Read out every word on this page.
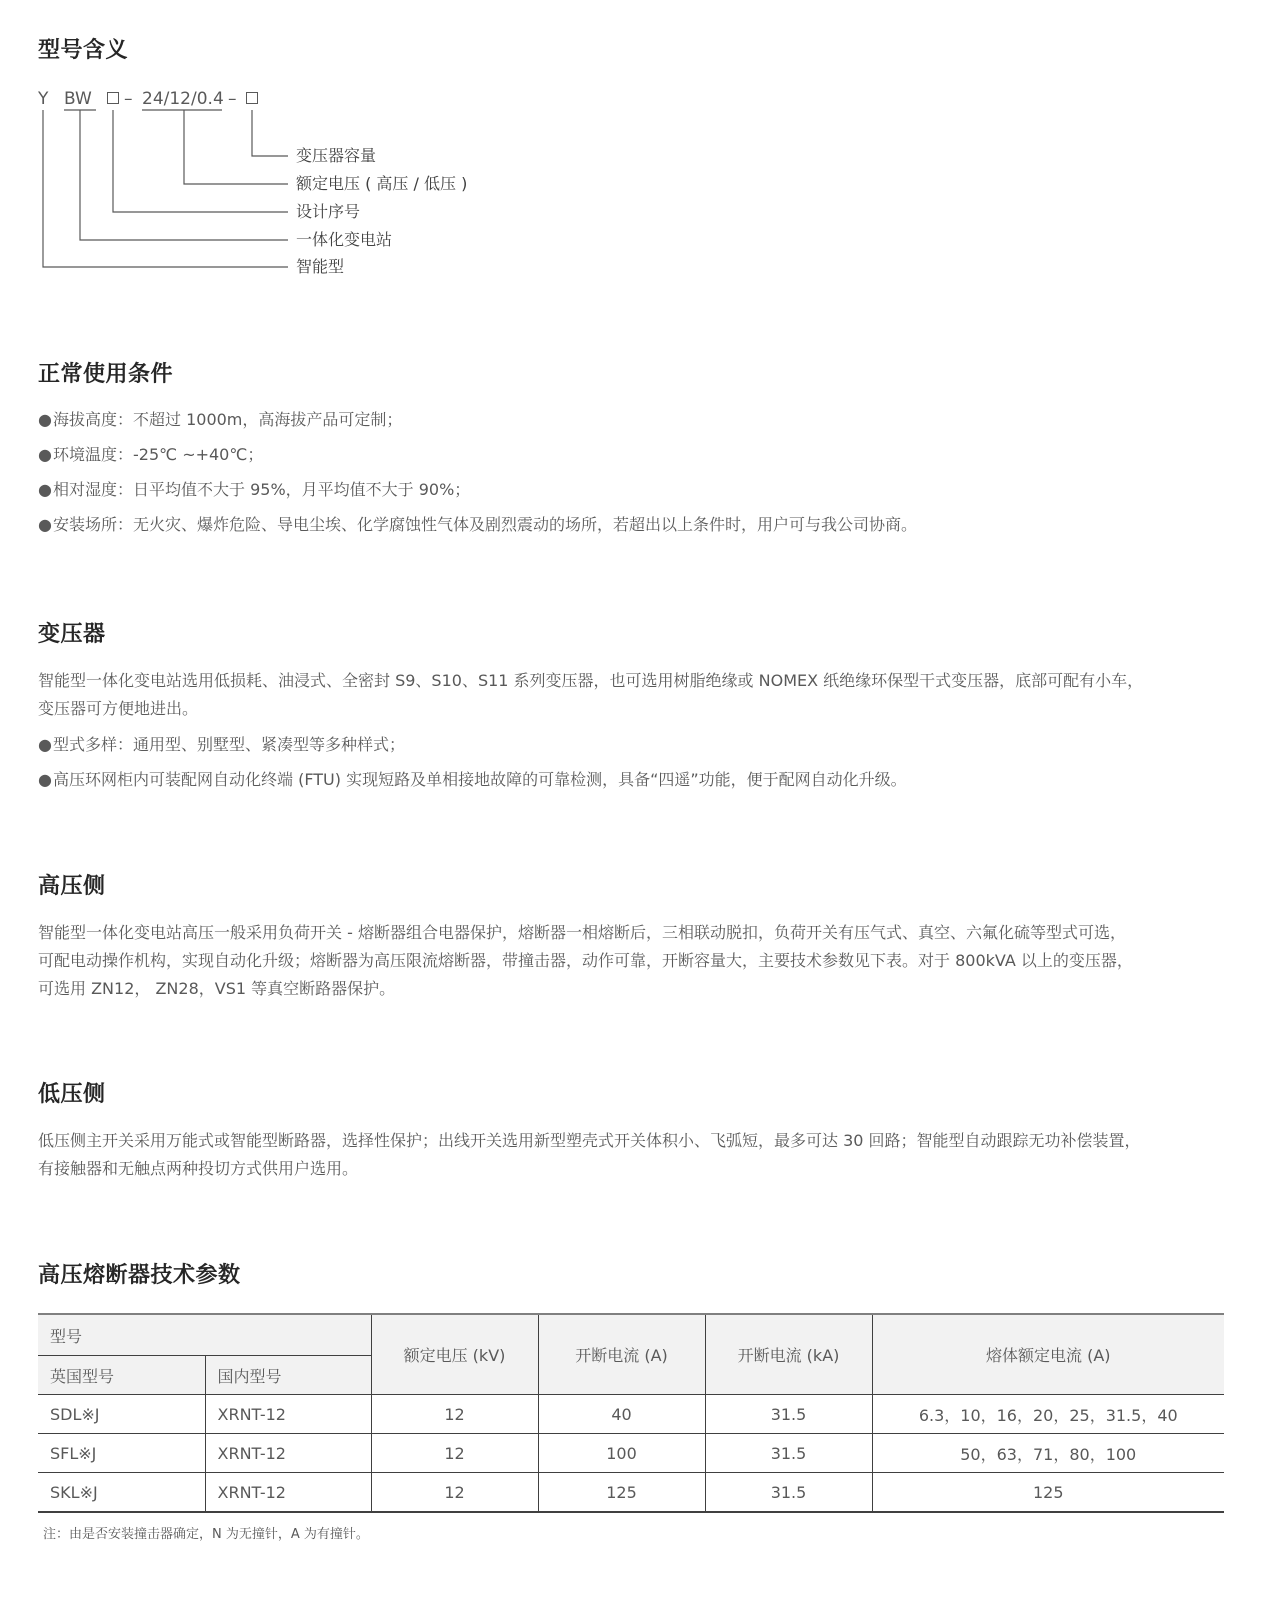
型号含义
Y BW – 24/12/0.4 –
变压器容量
额定电压 ( 高压 / 低压 )
设计序号
一体化变电站
智能型
正常使用条件
●海拔高度：不超过 1000m，高海拔产品可定制；
●环境温度：-25℃ ~+40℃；
●相对湿度：日平均值不大于 95%，月平均值不大于 90%；
●安装场所：无火灾、爆炸危险、导电尘埃、化学腐蚀性气体及剧烈震动的场所，若超出以上条件时，用户可与我公司协商。
变压器
智能型一体化变电站选用低损耗、油浸式、全密封 S9、S10、S11 系列变压器，也可选用树脂绝缘或 NOMEX 纸绝缘环保型干式变压器，底部可配有小车，
变压器可方便地进出。
●型式多样：通用型、别墅型、紧凑型等多种样式；
●高压环网柜内可装配网自动化终端 (FTU) 实现短路及单相接地故障的可靠检测，具备“四遥”功能，便于配网自动化升级。
高压侧
智能型一体化变电站高压一般采用负荷开关 - 熔断器组合电器保护，熔断器一相熔断后，三相联动脱扣，负荷开关有压气式、真空、六氟化硫等型式可选，
可配电动操作机构，实现自动化升级；熔断器为高压限流熔断器，带撞击器，动作可靠，开断容量大，主要技术参数见下表。对于 800kVA 以上的变压器，
可选用 ZN12， ZN28，VS1 等真空断路器保护。
低压侧
低压侧主开关采用万能式或智能型断路器，选择性保护；出线开关选用新型塑壳式开关体积小、飞弧短，最多可达 30 回路；智能型自动跟踪无功补偿装置，
有接触器和无触点两种投切方式供用户选用。
高压熔断器技术参数
型号		额定电压 (kV)	开断电流 (A)	开断电流 (kA)	熔体额定电流 (A)
英国型号	国内型号				
SDL※J	XRNT-12	12	40	31.5	6.3，10，16，20，25，31.5，40
SFL※J	XRNT-12	12	100	31.5	50，63，71，80，100
SKL※J	XRNT-12	12	125	31.5	125

注：由是否安装撞击器确定，N 为无撞针，A 为有撞针。
